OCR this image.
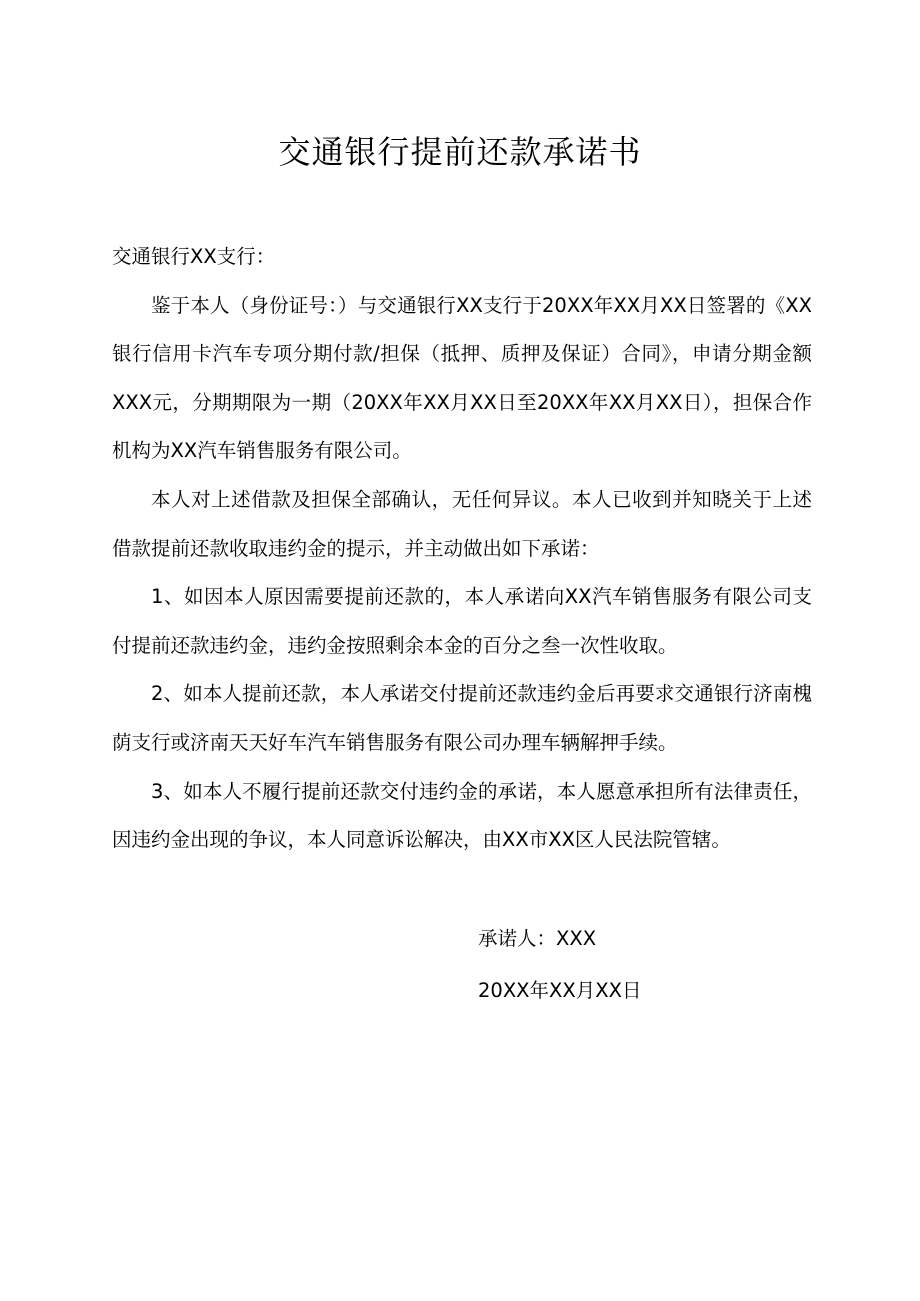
交通银行提前还款承诺书

交通银行XX支行：

鉴于本人（身份证号：）与交通银行XX支行于20XX年XX月XX日签署的《XX银行信用卡汽车专项分期付款/担保（抵押、质押及保证）合同》，申请分期金额XXX元，分期期限为一期（20XX年XX月XX日至20XX年XX月XX日），担保合作机构为XX汽车销售服务有限公司。

本人对上述借款及担保全部确认，无任何异议。本人已收到并知晓关于上述借款提前还款收取违约金的提示，并主动做出如下承诺：

1、如因本人原因需要提前还款的，本人承诺向XX汽车销售服务有限公司支付提前还款违约金，违约金按照剩余本金的百分之叁一次性收取。

2、如本人提前还款，本人承诺交付提前还款违约金后再要求交通银行济南槐荫支行或济南天天好车汽车销售服务有限公司办理车辆解押手续。

3、如本人不履行提前还款交付违约金的承诺，本人愿意承担所有法律责任，因违约金出现的争议，本人同意诉讼解决，由XX市XX区人民法院管辖。

承诺人：XXX
20XX年XX月XX日
